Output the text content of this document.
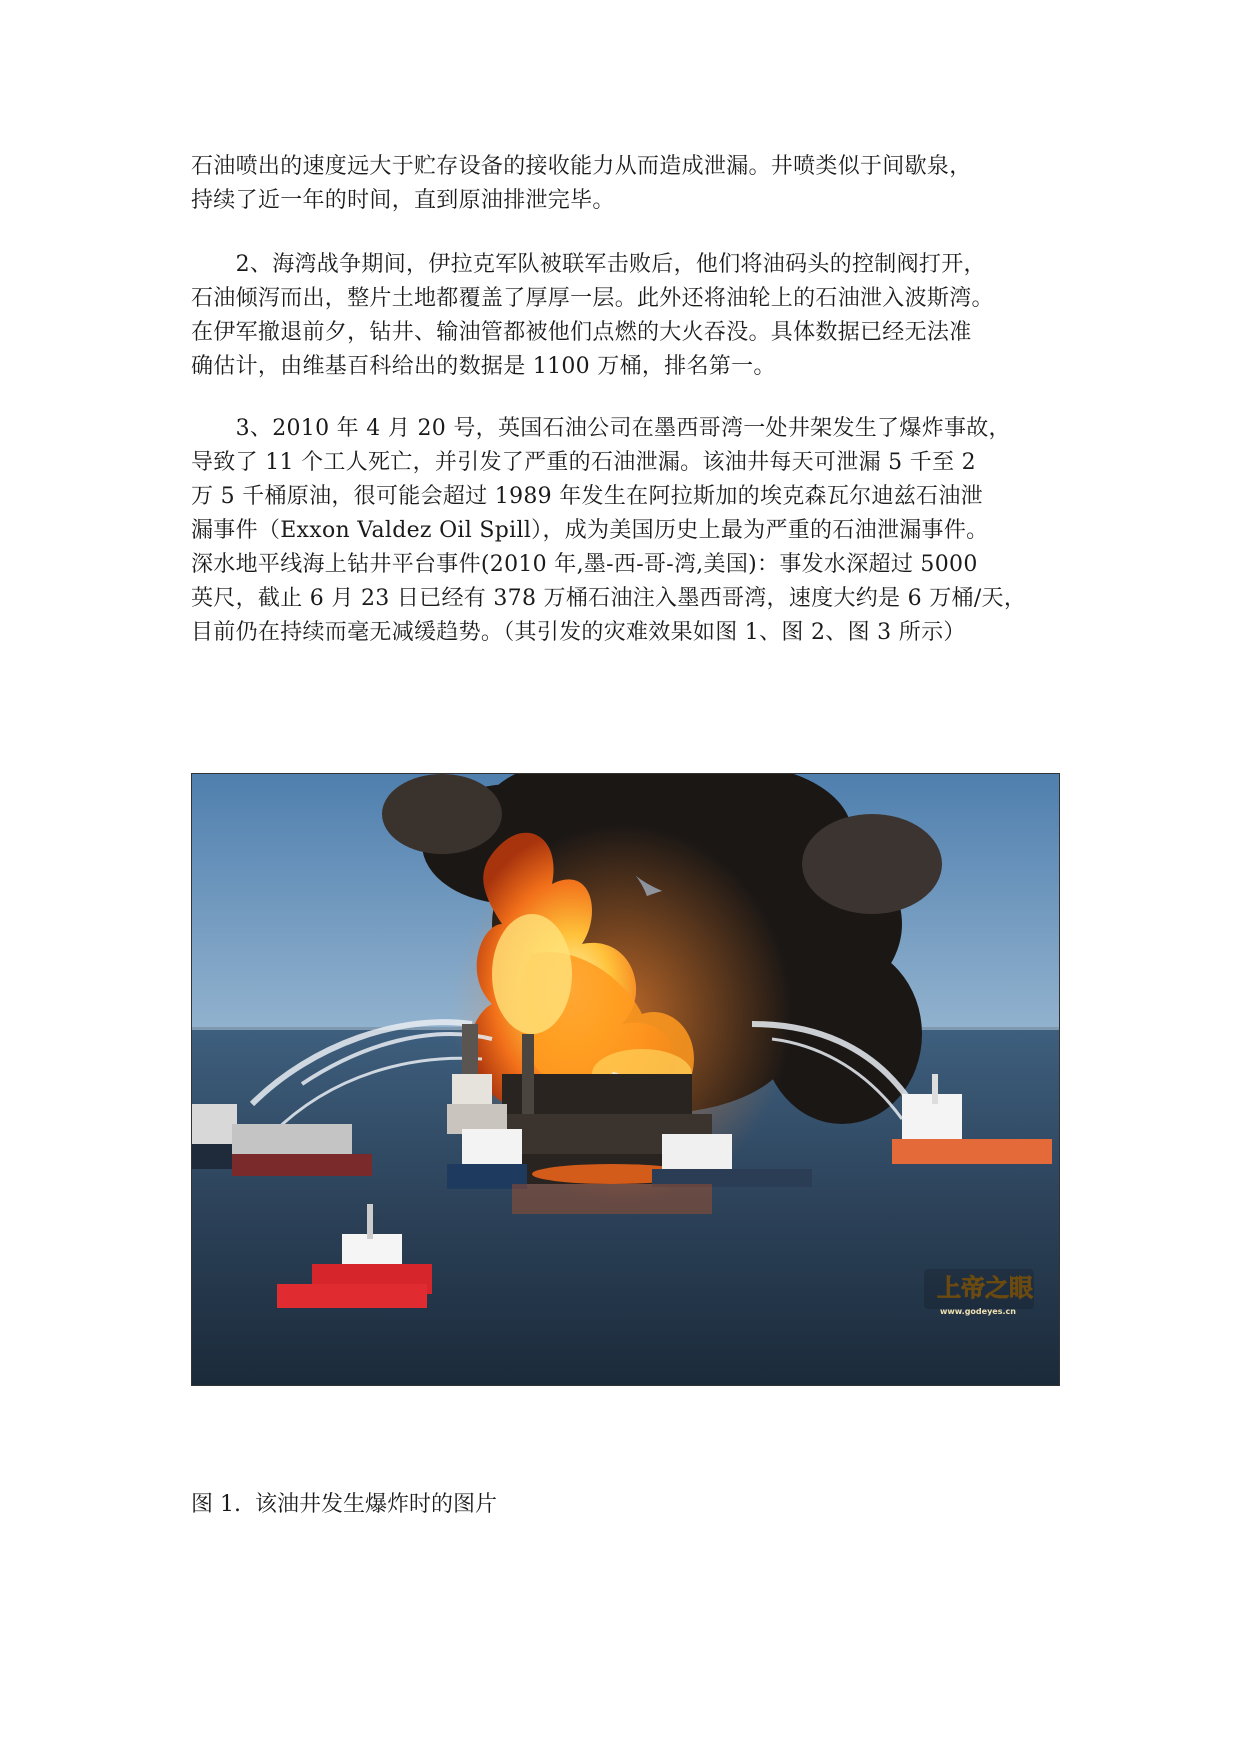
石油喷出的速度远大于贮存设备的接收能力从而造成泄漏。井喷类似于间歇泉，
持续了近一年的时间，直到原油排泄完毕。
　　2、海湾战争期间，伊拉克军队被联军击败后，他们将油码头的控制阀打开，
石油倾泻而出，整片土地都覆盖了厚厚一层。此外还将油轮上的石油泄入波斯湾。
在伊军撤退前夕，钻井、输油管都被他们点燃的大火吞没。具体数据已经无法准
确估计，由维基百科给出的数据是 1100 万桶，排名第一。
　　3、2010 年 4 月 20 号，英国石油公司在墨西哥湾一处井架发生了爆炸事故，
导致了 11 个工人死亡，并引发了严重的石油泄漏。该油井每天可泄漏 5 千至 2
万 5 千桶原油，很可能会超过 1989 年发生在阿拉斯加的埃克森瓦尔迪兹石油泄
漏事件（Exxon Valdez Oil Spill），成为美国历史上最为严重的石油泄漏事件。
深水地平线海上钻井平台事件(2010 年,墨-西-哥-湾,美国)：事发水深超过 5000
英尺，截止 6 月 23 日已经有 378 万桶石油注入墨西哥湾，速度大约是 6 万桶/天，
目前仍在持续而毫无减缓趋势。（其引发的灾难效果如图 1、图 2、图 3 所示）
上帝之眼
www.godeyes.cn
图 1. 该油井发生爆炸时的图片
